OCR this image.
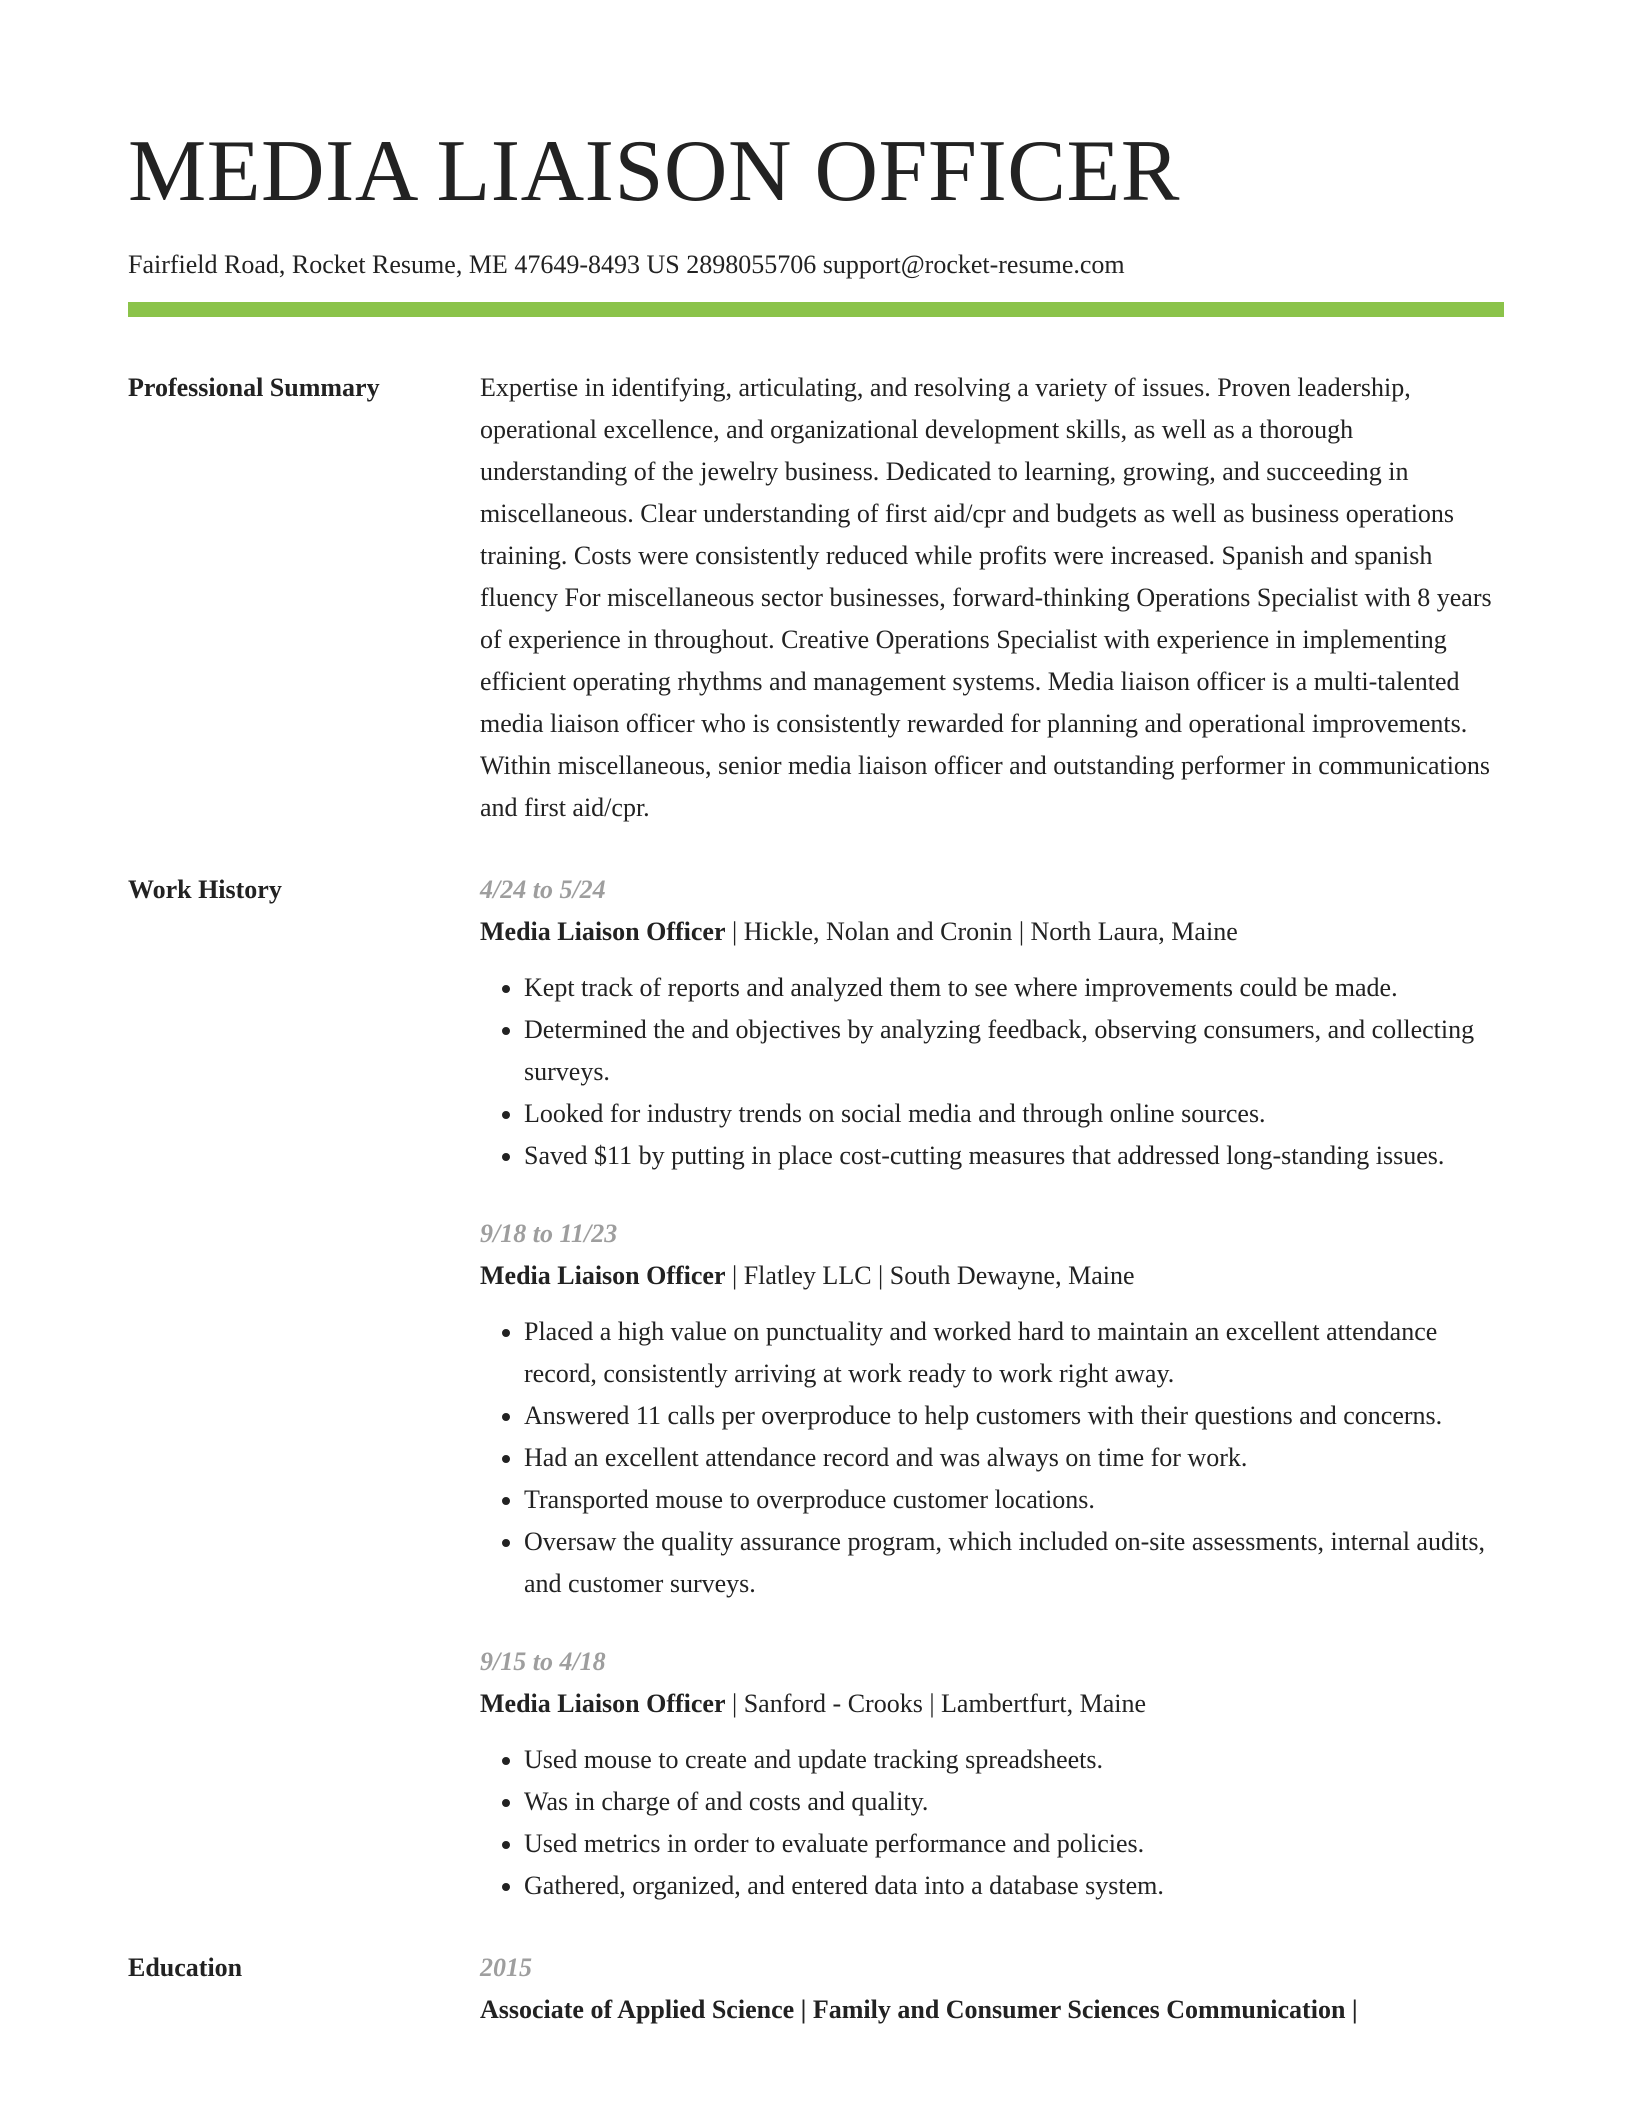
MEDIA LIAISON OFFICER
Fairfield Road, Rocket Resume, ME 47649-8493 US 2898055706 support@rocket-resume.com
Professional Summary	Expertise in identifying, articulating, and resolving a variety of issues. Proven leadership, operational excellence, and organizational development skills, as well as a thorough understanding of the jewelry business. Dedicated to learning, growing, and succeeding in miscellaneous. Clear understanding of first aid/cpr and budgets as well as business operations training. Costs were consistently reduced while profits were increased. Spanish and spanish fluency For miscellaneous sector businesses, forward-thinking Operations Specialist with 8 years of experience in throughout. Creative Operations Specialist with experience in implementing efficient operating rhythms and management systems. Media liaison officer is a multi-talented media liaison officer who is consistently rewarded for planning and operational improvements. Within miscellaneous, senior media liaison officer and outstanding performer in communications and first aid/cpr.

Work History	4/24 to 5/24
Media Liaison Officer | Hickle, Nolan and Cronin | North Laura, Maine
• Kept track of reports and analyzed them to see where improvements could be made.
• Determined the and objectives by analyzing feedback, observing consumers, and collecting surveys.
• Looked for industry trends on social media and through online sources.
• Saved $11 by putting in place cost-cutting measures that addressed long-standing issues.
9/18 to 11/23
Media Liaison Officer | Flatley LLC | South Dewayne, Maine
• Placed a high value on punctuality and worked hard to maintain an excellent attendance record, consistently arriving at work ready to work right away.
• Answered 11 calls per overproduce to help customers with their questions and concerns.
• Had an excellent attendance record and was always on time for work.
• Transported mouse to overproduce customer locations.
• Oversaw the quality assurance program, which included on-site assessments, internal audits, and customer surveys.
9/15 to 4/18
Media Liaison Officer | Sanford - Crooks | Lambertfurt, Maine
• Used mouse to create and update tracking spreadsheets.
• Was in charge of and costs and quality.
• Used metrics in order to evaluate performance and policies.
• Gathered, organized, and entered data into a database system.
Education	2015
Associate of Applied Science | Family and Consumer Sciences Communication |
